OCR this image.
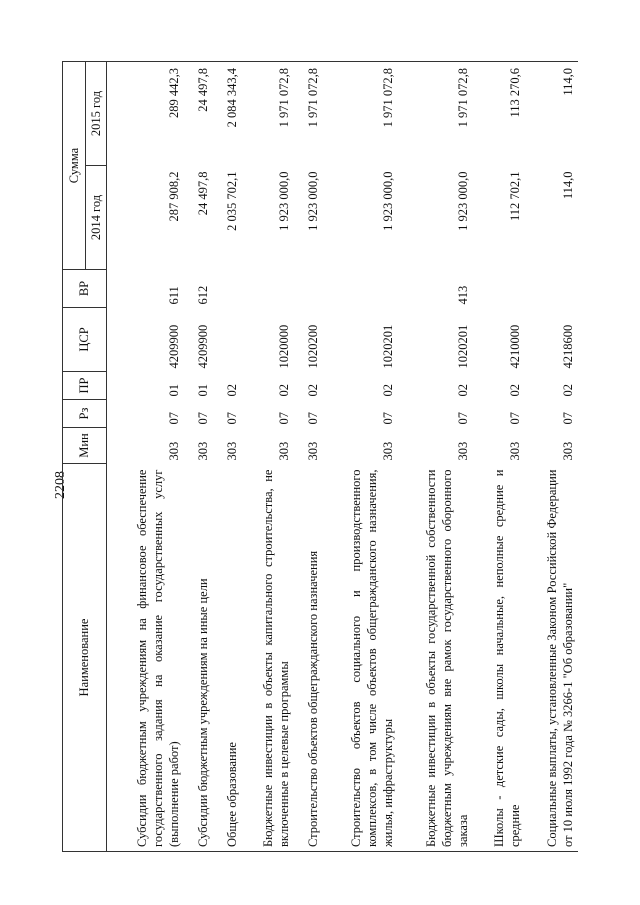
2208
Наименование	Мин	Рз	ПР	ЦСР	ВР	Сумма	
						2014 год	2015 год
Субсидии бюджетным учреждениям на финансовое обеспечение государственного задания на оказание государственных услуг (выполнение работ)	303	07	01	4209900	611	287 908,2	289 442,3
Субсидии бюджетным учреждениям на иные цели	303	07	01	4209900	612	24 497,8	24 497,8
Общее образование	303	07	02			2 035 702,1	2 084 343,4
Бюджетные инвестиции в объекты капитального строительства, не включенные в целевые программы	303	07	02	1020000		1 923 000,0	1 971 072,8
Строительство объектов общегражданского назначения	303	07	02	1020200		1 923 000,0	1 971 072,8
Строительство объектов социального и производственного комплексов, в том числе объектов общегражданского назначения, жилья, инфраструктуры	303	07	02	1020201		1 923 000,0	1 971 072,8
Бюджетные инвестиции в объекты государственной собственности бюджетным учреждениям вне рамок государственного оборонного заказа	303	07	02	1020201	413	1 923 000,0	1 971 072,8
Школы - детские сады, школы начальные, неполные средние и средние	303	07	02	4210000		112 702,1	113 270,6
Социальные выплаты, установленные Законом Российской Федерации от 10 июля 1992 года № 3266-1 "Об образовании"	303	07	02	4218600		114,0	114,0
